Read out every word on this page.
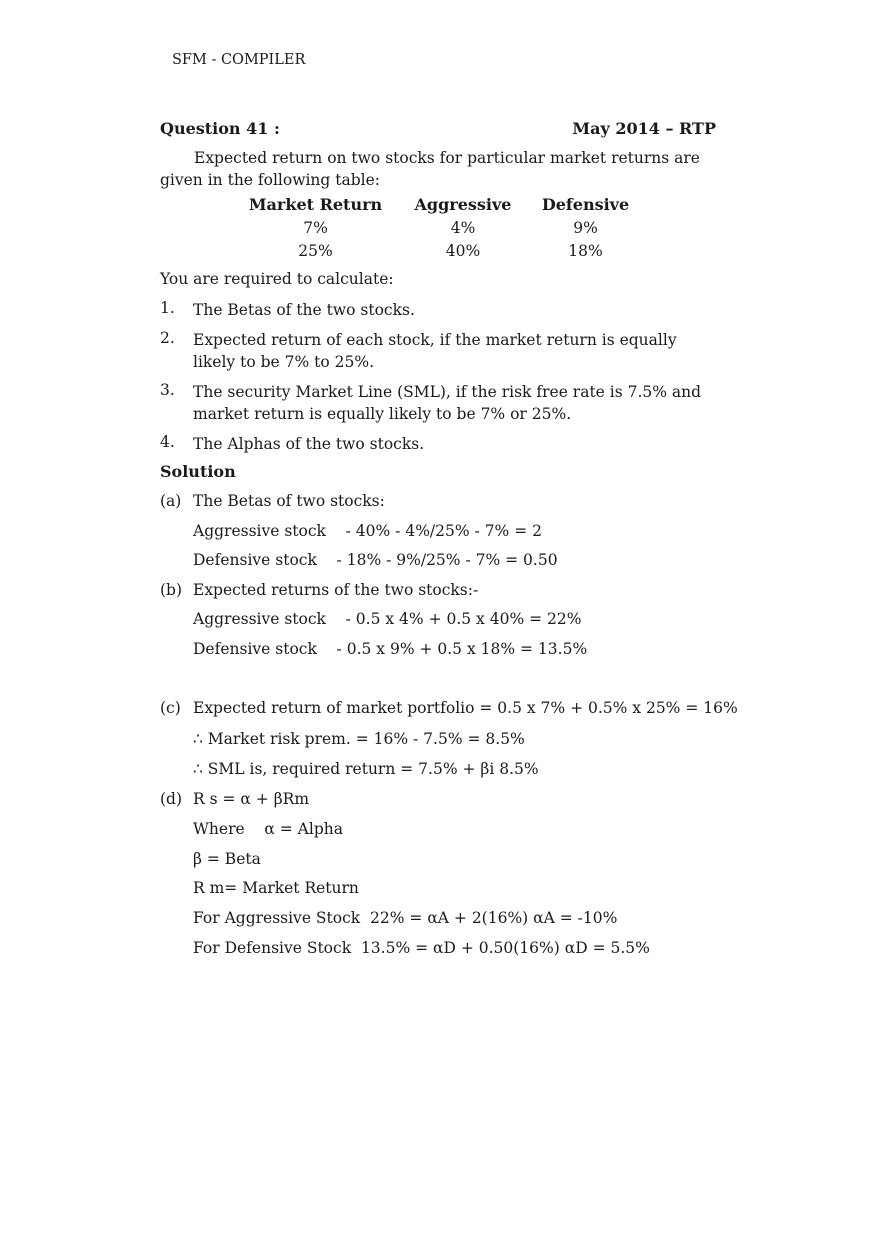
SFM - COMPILER
Question 41 :	May 2014 – RTP
Expected return on two stocks for particular market returns are given in the following table:
Market Return	Aggressive	Defensive
7%	4%	9%
25%	40%	18%
You are required to calculate:
1.	The Betas of the two stocks.
2.	Expected return of each stock, if the market return is equally likely to be 7% to 25%.
3.	The security Market Line (SML), if the risk free rate is 7.5% and market return is equally likely to be 7% or 25%.
4.	The Alphas of the two stocks.
Solution
(a) The Betas of two stocks:
Aggressive stock    - 40% - 4%/25% - 7% = 2
Defensive stock    - 18% - 9%/25% - 7% = 0.50
(b) Expected returns of the two stocks:-
Aggressive stock    - 0.5 x 4% + 0.5 x 40% = 22%
Defensive stock    - 0.5 x 9% + 0.5 x 18% = 13.5%
(c) Expected return of market portfolio = 0.5 x 7% + 0.5% x 25% = 16%
∴ Market risk prem. = 16% - 7.5% = 8.5%
∴ SML is, required return = 7.5% + βi 8.5%
(d) R s = α + βRm
Where    α = Alpha
β = Beta
R m= Market Return
For Aggressive Stock  22% = αA + 2(16%) αA = -10%
For Defensive Stock  13.5% = αD + 0.50(16%) αD = 5.5%
